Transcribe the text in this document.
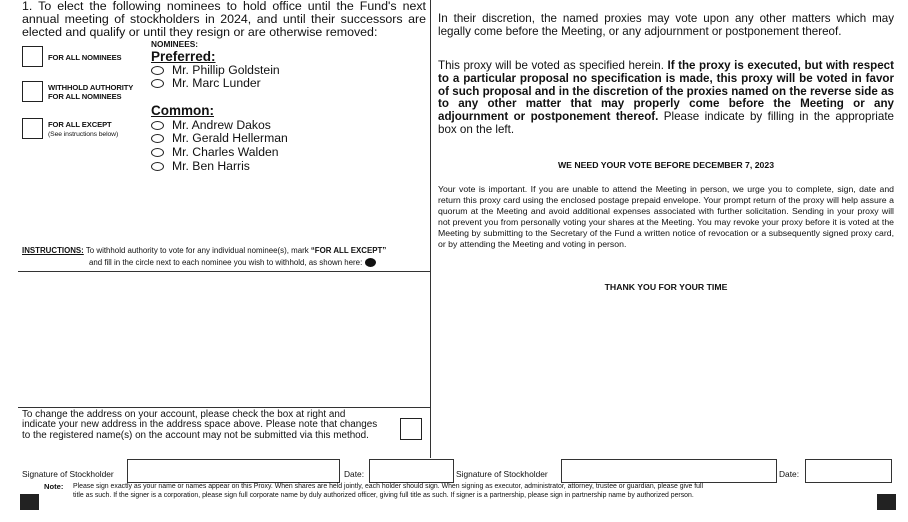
1. To elect the following nominees to hold office until the Fund's next annual meeting of stockholders in 2024, and until their successors are elected and qualify or until they resign or are otherwise removed:
FOR ALL NOMINEES
WITHHOLD AUTHORITY
FOR ALL NOMINEES
FOR ALL EXCEPT
(See instructions below)
NOMINEES:
Preferred:
Mr. Phillip Goldstein
Mr. Marc Lunder
Common:
Mr. Andrew Dakos
Mr. Gerald Hellerman
Mr. Charles Walden
Mr. Ben Harris
INSTRUCTIONS: To withhold authority to vote for any individual nominee(s), mark “FOR ALL EXCEPT”
and fill in the circle next to each nominee you wish to withhold, as shown here:
To change the address on your account, please check the box at right and indicate your new address in the address space above. Please note that changes to the registered name(s) on the account may not be submitted via this method.
In their discretion, the named proxies may vote upon any other matters which may legally come before the Meeting, or any adjournment or postponement thereof.
This proxy will be voted as specified herein. If the proxy is executed, but with respect to a particular proposal no specification is made, this proxy will be voted in favor of such proposal and in the discretion of the proxies named on the reverse side as to any other matter that may properly come before the Meeting or any adjournment or postponement thereof. Please indicate by filling in the appropriate box on the left.
WE NEED YOUR VOTE BEFORE DECEMBER 7, 2023
Your vote is important. If you are unable to attend the Meeting in person, we urge you to complete, sign, date and return this proxy card using the enclosed postage prepaid envelope. Your prompt return of the proxy will help assure a quorum at the Meeting and avoid additional expenses associated with further solicitation. Sending in your proxy will not prevent you from personally voting your shares at the Meeting. You may revoke your proxy before it is voted at the Meeting by submitting to the Secretary of the Fund a written notice of revocation or a subsequently signed proxy card, or by attending the Meeting and voting in person.
THANK YOU FOR YOUR TIME
Signature of Stockholder	Date:	Signature of Stockholder	Date:
Note: Please sign exactly as your name or names appear on this Proxy. When shares are held jointly, each holder should sign. When signing as executor, administrator, attorney, trustee or guardian, please give full
title as such. If the signer is a corporation, please sign full corporate name by duly authorized officer, giving full title as such. If signer is a partnership, please sign in partnership name by authorized person.
